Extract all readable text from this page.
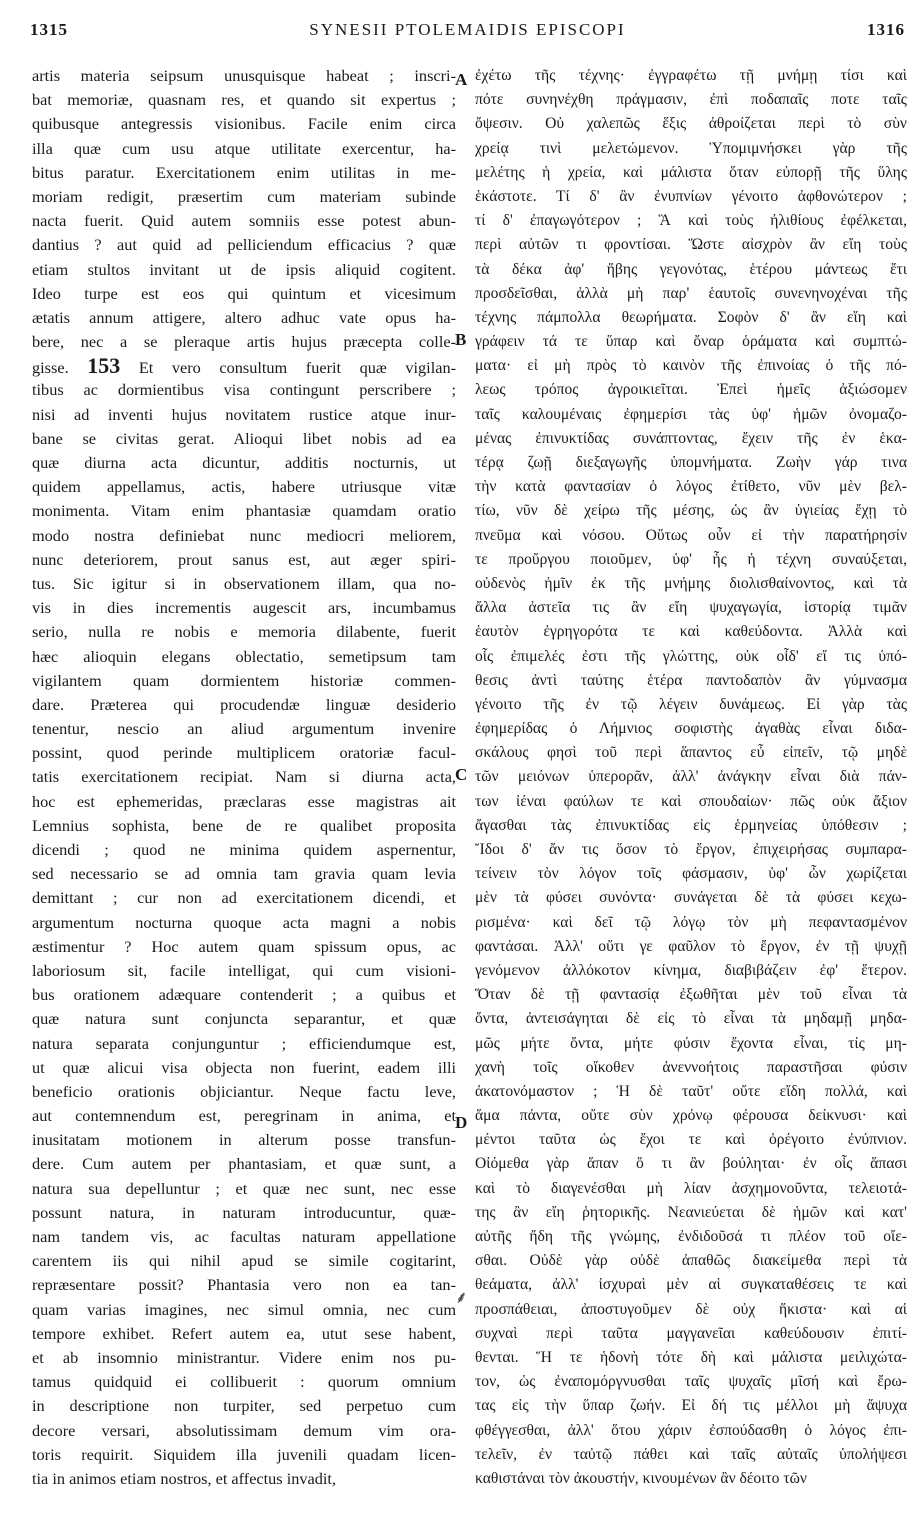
1315	SYNESII PTOLEMAIDIS EPISCOPI	1316
artis materia seipsum unusquisque habeat ; inscri-
bat memoriæ, quasnam res, et quando sit expertus ;
quibusque antegressis visionibus. Facile enim circa
illa quæ cum usu atque utilitate exercentur, ha-
bitus paratur. Exercitationem enim utilitas in me-
moriam redigit, præsertim cum materiam subinde
nacta fuerit. Quid autem somniis esse potest abun-
dantius ? aut quid ad pelliciendum efficacius ? quæ
etiam stultos invitant ut de ipsis aliquid cogitent.
Ideo turpe est eos qui quintum et vicesimum
ætatis annum attigere, altero adhuc vate opus ha-
bere, nec a se pleraque artis hujus præcepta colle-
gisse. 153 Et vero consultum fuerit quæ vigilan-
tibus ac dormientibus visa contingunt perscribere ;
nisi ad inventi hujus novitatem rustice atque inur-
bane se civitas gerat. Alioqui libet nobis ad ea
quæ diurna acta dicuntur, additis nocturnis, ut
quidem appellamus, actis, habere utriusque vitæ
monimenta. Vitam enim phantasiæ quamdam oratio
modo nostra definiebat nunc mediocri meliorem,
nunc deteriorem, prout sanus est, aut æger spiri-
tus. Sic igitur si in observationem illam, qua no-
vis in dies incrementis augescit ars, incumbamus
serio, nulla re nobis e memoria dilabente, fuerit
hæc alioquin elegans oblectatio, semetipsum tam
vigilantem quam dormientem historiæ commen-
dare. Præterea qui procudendæ linguæ desiderio
tenentur, nescio an aliud argumentum invenire
possint, quod perinde multiplicem oratoriæ facul-
tatis exercitationem recipiat. Nam si diurna acta,
hoc est ephemeridas, præclaras esse magistras ait
Lemnius sophista, bene de re qualibet proposita
dicendi ; quod ne minima quidem aspernentur,
sed necessario se ad omnia tam gravia quam levia
demittant ; cur non ad exercitationem dicendi, et
argumentum nocturna quoque acta magni a nobis
æstimentur ? Hoc autem quam spissum opus, ac
laboriosum sit, facile intelligat, qui cum visioni-
bus orationem adæquare contenderit ; a quibus et
quæ natura sunt conjuncta separantur, et quæ
natura separata conjunguntur ; efficiendumque est,
ut quæ alicui visa objecta non fuerint, eadem illi
beneficio orationis objiciantur. Neque factu leve,
aut contemnendum est, peregrinam in anima, et
inusitatam motionem in alterum posse transfun-
dere. Cum autem per phantasiam, et quæ sunt, a
natura sua depelluntur ; et quæ nec sunt, nec esse
possunt natura, in naturam introducuntur, quæ-
nam tandem vis, ac facultas naturam appellatione
carentem iis qui nihil apud se simile cogitarint,
repræsentare possit? Phantasia vero non ea tan-
quam varias imagines, nec simul omnia, nec cum
tempore exhibet. Refert autem ea, utut sese habent,
et ab insomnio ministrantur. Videre enim nos pu-
tamus quidquid ei collibuerit : quorum omnium
in descriptione non turpiter, sed perpetuo cum
decore versari, absolutissimam demum vim ora-
toris requirit. Siquidem illa juvenili quadam licen-
tia in animos etiam nostros, et affectus invadit,
ἐχέτω τῆς τέχνης· ἐγγραφέτω τῇ μνήμῃ τίσι καὶ
πότε συνηνέχθη πράγμασιν, ἐπὶ ποδαπαῖς ποτε ταῖς
ὄψεσιν. Οὐ χαλεπῶς ἕξις ἀθροίζεται περὶ τὸ σὺν
χρείᾳ τινὶ μελετώμενον. Ὑπομιμνήσκει γὰρ τῆς
μελέτης ἡ χρεία, καὶ μάλιστα ὅταν εὐπορῇ τῆς ὕλης
ἑκάστοτε. Τί δ' ἂν ἐνυπνίων γένοιτο ἀφθονώτερον ;
τί δ' ἐπαγωγότερον ; Ἃ καὶ τοὺς ἠλιθίους ἐφέλκεται,
περὶ αὐτῶν τι φροντίσαι. Ὥστε αἰσχρὸν ἂν εἴη τοὺς
τὰ δέκα ἀφ' ἥβης γεγονότας, ἑτέρου μάντεως ἔτι
προσδεῖσθαι, ἀλλὰ μὴ παρ' ἑαυτοῖς συνενηνοχέναι τῆς
τέχνης πάμπολλα θεωρήματα. Σοφὸν δ' ἂν εἴη καὶ
γράφειν τά τε ὕπαρ καὶ ὄναρ ὁράματα καὶ συμπτώ-
ματα· εἰ μὴ πρὸς τὸ καινὸν τῆς ἐπινοίας ὁ τῆς πό-
λεως τρόπος ἀγροικιεῖται. Ἐπεὶ ἡμεῖς ἀξιώσομεν
ταῖς καλουμέναις ἐφημερίσι τὰς ὑφ' ἡμῶν ὀνομαζο-
μένας ἐπινυκτίδας συνάπτοντας, ἔχειν τῆς ἐν ἑκα-
τέρᾳ ζωῇ διεξαγωγῆς ὑπομνήματα. Ζωὴν γάρ τινα
τὴν κατὰ φαντασίαν ὁ λόγος ἐτίθετο, νῦν μὲν βελ-
τίω, νῦν δὲ χείρω τῆς μέσης, ὡς ἂν ὑγιείας ἔχῃ τὸ
πνεῦμα καὶ νόσου. Οὕτως οὖν εἰ τὴν παρατήρησίν
τε προὔργου ποιοῦμεν, ὑφ' ἧς ἡ τέχνη συναύξεται,
οὐδενὸς ἡμῖν ἐκ τῆς μνήμης διολισθαίνοντος, καὶ τὰ
ἄλλα ἀστεῖα τις ἂν εἴη ψυχαγωγία, ἱστορίᾳ τιμᾶν
ἑαυτὸν ἐγρηγορότα τε καὶ καθεύδοντα. Ἀλλὰ καὶ
οἷς ἐπιμελές ἐστι τῆς γλώττης, οὐκ οἶδ' εἴ τις ὑπό-
θεσις ἀντὶ ταύτης ἑτέρα παντοδαπὸν ἂν γύμνασμα
γένοιτο τῆς ἐν τῷ λέγειν δυνάμεως. Εἰ γὰρ τὰς
ἐφημερίδας ὁ Λήμνιος σοφιστὴς ἀγαθὰς εἶναι διδα-
σκάλους φησὶ τοῦ περὶ ἅπαντος εὖ εἰπεῖν, τῷ μηδὲ
τῶν μειόνων ὑπερορᾶν, ἀλλ' ἀνάγκην εἶναι διὰ πάν-
των ἰέναι φαύλων τε καὶ σπουδαίων· πῶς οὐκ ἄξιον
ἄγασθαι τὰς ἐπινυκτίδας εἰς ἑρμηνείας ὑπόθεσιν ;
Ἴδοι δ' ἄν τις ὅσον τὸ ἔργον, ἐπιχειρήσας συμπαρα-
τείνειν τὸν λόγον τοῖς φάσμασιν, ὑφ' ὧν χωρίζεται
μὲν τὰ φύσει συνόντα· συνάγεται δὲ τὰ φύσει κεχω-
ρισμένα· καὶ δεῖ τῷ λόγῳ τὸν μὴ πεφαντασμένον
φαντάσαι. Ἀλλ' οὔτι γε φαῦλον τὸ ἔργον, ἐν τῇ ψυχῇ
γενόμενον ἀλλόκοτον κίνημα, διαβιβάζειν ἐφ' ἕτερον.
Ὅταν δὲ τῇ φαντασίᾳ ἐξωθῆται μὲν τοῦ εἶναι τὰ
ὄντα, ἀντεισάγηται δὲ εἰς τὸ εἶναι τὰ μηδαμῇ μηδα-
μῶς μήτε ὄντα, μήτε φύσιν ἔχοντα εἶναι, τίς μη-
χανὴ τοῖς οἴκοθεν ἀνεννοήτοις παραστῆσαι φύσιν
ἀκατονόμαστον ; Ἡ δὲ ταῦτ' οὔτε εἴδη πολλά, καὶ
ἅμα πάντα, οὔτε σὺν χρόνῳ φέρουσα δείκνυσι· καὶ
μέντοι ταῦτα ὡς ἔχοι τε καὶ ὀρέγοιτο ἐνύπνιον.
Οἰόμεθα γὰρ ἅπαν ὅ τι ἂν βούληται· ἐν οἷς ἅπασι
καὶ τὸ διαγενέσθαι μὴ λίαν ἀσχημονοῦντα, τελειοτά-
της ἂν εἴη ῥητορικῆς. Νεανιεύεται δὲ ἡμῶν καὶ κατ'
αὐτῆς ἤδη τῆς γνώμης, ἐνδιδοῦσά τι πλέον τοῦ οἴε-
σθαι. Οὐδὲ γὰρ οὐδὲ ἀπαθῶς διακείμεθα περὶ τὰ
θεάματα, ἀλλ' ἰσχυραὶ μὲν αἱ συγκαταθέσεις τε καὶ
προσπάθειαι, ἀποστυγοῦμεν δὲ οὐχ ἥκιστα· καὶ αἱ
συχναὶ περὶ ταῦτα μαγγανεῖαι καθεύδουσιν ἐπιτί-
θενται. Ἥ τε ἡδονὴ τότε δὴ καὶ μάλιστα μειλιχώτα-
τον, ὡς ἐναπομόργνυσθαι ταῖς ψυχαῖς μῖσή καὶ ἔρω-
τας εἰς τὴν ὕπαρ ζωήν. Εἰ δή τις μέλλοι μὴ ἄψυχα
φθέγγεσθαι, ἀλλ' ὅτου χάριν ἐσπούδασθη ὁ λόγος ἐπι-
τελεῖν, ἐν ταὐτῷ πάθει καὶ ταῖς αὐταῖς ὑπολήψεσι
καθιστάναι τὸν ἀκουστήν, κινουμένων ἂν δέοιτο τῶν
A
B
C
D
⸙
